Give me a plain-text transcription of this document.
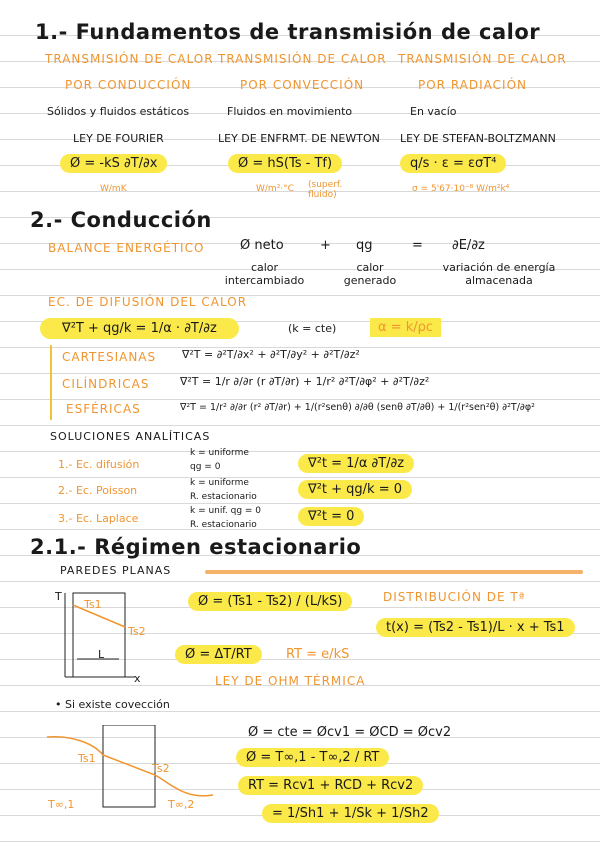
1.- Fundamentos de transmisión de calor
TRANSMISIÓN DE CALOR TRANSMISIÓN DE CALOR TRANSMISIÓN DE CALOR
POR CONDUCCIÓN	POR CONVECCIÓN	POR RADIACIÓN
Sólidos y fluidos estáticos	Fluidos en movimiento	En vacío
LEY DE FOURIER	LEY DE ENFRMT. DE NEWTON LEY DE STEFAN-BOLTZMANN
Ø = -kS ∂T/∂x	Ø = hS(Ts - Tf)	q/s · ε = εσT⁴
W/mK	W/m²·°C (superf. fluido)
σ = 5'67·10⁻⁸ W/m²k⁴
2.- Conducción
BALANCE ENERGÉTICO	Ø neto	+ qg	= ∂E/∂z
calor intercambiado
calor generado
variación de energía almacenada
EC. DE DIFUSIÓN DEL CALOR
∇²T + qg/k = 1/α · ∂T/∂z	(k = cte)	α = k/ρc
CARTESIANAS ∇²T = ∂²T/∂x² + ∂²T/∂y² + ∂²T/∂z²
CILÍNDRICAS	∇²T = 1/r ∂/∂r (r ∂T/∂r) + 1/r² ∂²T/∂φ² + ∂²T/∂z²
ESFÉRICAS	∇²T = 1/r² ∂/∂r (r² ∂T/∂r) + 1/(r²senθ) ∂/∂θ (senθ ∂T/∂θ) + 1/(r²sen²θ) ∂²T/∂φ²
SOLUCIONES ANALÍTICAS
1.- Ec. difusión
k = uniforme
qg = 0	∇²t = 1/α ∂T/∂z
2.- Ec. Poisson
k = uniforme
R. estacionario	∇²t + qg/k = 0
3.- Ec. Laplace
k = unif. qg = 0
R. estacionario
∇²t = 0
2.1.- Régimen estacionario
PAREDES PLANAS
T
x
Ts1
Ts2
L
Ø = (Ts1 - Ts2) / (L/kS)
Ø = ΔT/RT	RT = e/kS
LEY DE OHM TÉRMICA
DISTRIBUCIÓN DE Tª
t(x) = (Ts2 - Ts1)/L · x + Ts1
• Si existe covección
Ts1
Ts2
T∞,1	T∞,2
Ø = cte = Øcv1 = ØCD = Øcv2
Ø = T∞,1 - T∞,2 / RT
RT = Rcv1 + RCD + Rcv2
= 1/Sh1 + 1/Sk + 1/Sh2
